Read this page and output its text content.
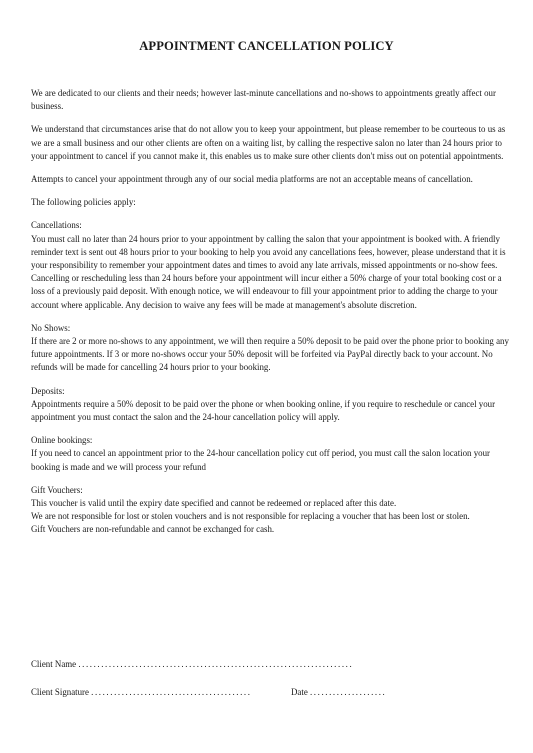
APPOINTMENT CANCELLATION POLICY

We are dedicated to our clients and their needs; however last-minute cancellations and no-shows to appointments greatly affect our business.

We understand that circumstances arise that do not allow you to keep your appointment, but please remember to be courteous to us as we are a small business and our other clients are often on a waiting list, by calling the respective salon no later than 24 hours prior to your appointment to cancel if you cannot make it, this enables us to make sure other clients don't miss out on potential appointments.

Attempts to cancel your appointment through any of our social media platforms are not an acceptable means of cancellation.

The following policies apply:

Cancellations:
You must call no later than 24 hours prior to your appointment by calling the salon that your appointment is booked with. A friendly reminder text is sent out 48 hours prior to your booking to help you avoid any cancellations fees, however, please understand that it is your responsibility to remember your appointment dates and times to avoid any late arrivals, missed appointments or no-show fees. Cancelling or rescheduling less than 24 hours before your appointment will incur either a 50% charge of your total booking cost or a loss of a previously paid deposit. With enough notice, we will endeavour to fill your appointment prior to adding the charge to your account where applicable. Any decision to waive any fees will be made at management's absolute discretion.
No Shows:
If there are 2 or more no-shows to any appointment, we will then require a 50% deposit to be paid over the phone prior to booking any future appointments. If 3 or more no-shows occur your 50% deposit will be forfeited via PayPal directly back to your account. No refunds will be made for cancelling 24 hours prior to your booking.
Deposits:
Appointments require a 50% deposit to be paid over the phone or when booking online, if you require to reschedule or cancel your appointment you must contact the salon and the 24-hour cancellation policy will apply.
Online bookings:
If you need to cancel an appointment prior to the 24-hour cancellation policy cut off period, you must call the salon location your booking is made and we will process your refund
Gift Vouchers:
This voucher is valid until the expiry date specified and cannot be redeemed or replaced after this date.
We are not responsible for lost or stolen vouchers and is not responsible for replacing a voucher that has been lost or stolen.
Gift Vouchers are non-refundable and cannot be exchanged for cash.
Client Name ........................................................................
Client Signature ..........................................	Date ....................
